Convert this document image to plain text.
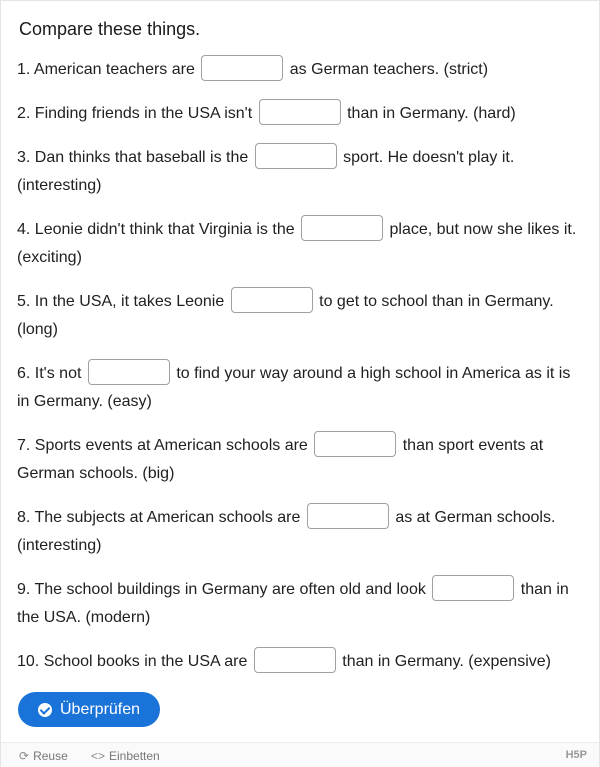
Compare these things.

1. American teachers are	as German teachers. (strict)

2. Finding friends in the USA isn't	than in Germany. (hard)

3. Dan thinks that baseball is the	sport. He doesn't play it. (interesting)

4. Leonie didn't think that Virginia is the	place, but now she likes it. (exciting)

5. In the USA, it takes Leonie	to get to school than in Germany. (long)

6. It's not	to find your way around a high school in America as it is in Germany. (easy)

7. Sports events at American schools are	than sport events at German schools. (big)

8. The subjects at American schools are	as at German schools. (interesting)

9. The school buildings in Germany are often old and look	than in the USA. (modern)

10. School books in the USA are	than in Germany. (expensive)

Überprüfen
⟳ Reuse <> Einbetten	H5P
